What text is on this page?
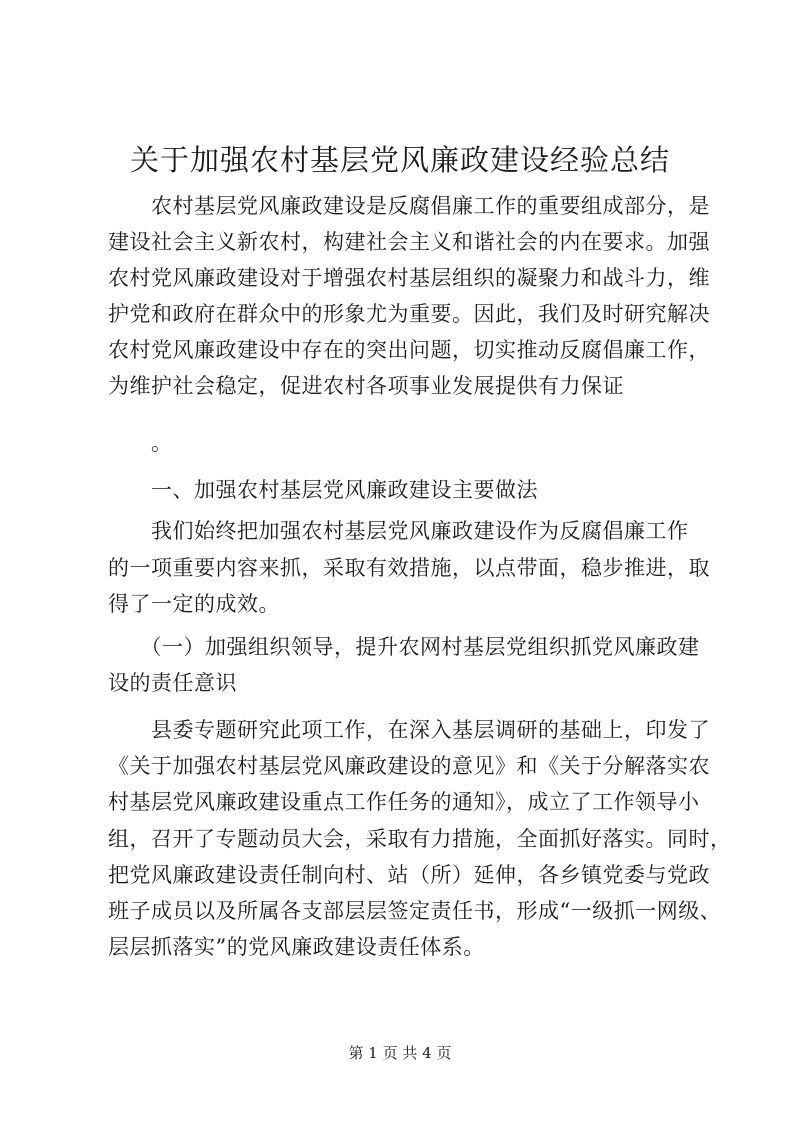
关于加强农村基层党风廉政建设经验总结
　　农村基层党风廉政建设是反腐倡廉工作的重要组成部分，是
建设社会主义新农村，构建社会主义和谐社会的内在要求。加强
农村党风廉政建设对于增强农村基层组织的凝聚力和战斗力，维
护党和政府在群众中的形象尤为重要。因此，我们及时研究解决
农村党风廉政建设中存在的突出问题，切实推动反腐倡廉工作，
为维护社会稳定，促进农村各项事业发展提供有力保证
　　。
　　一、加强农村基层党风廉政建设主要做法
　　我们始终把加强农村基层党风廉政建设作为反腐倡廉工作
的一项重要内容来抓，采取有效措施，以点带面，稳步推进，取
得了一定的成效。
　　（一）加强组织领导，提升农网村基层党组织抓党风廉政建
设的责任意识
　　县委专题研究此项工作，在深入基层调研的基础上，印发了
《关于加强农村基层党风廉政建设的意见》和《关于分解落实农
村基层党风廉政建设重点工作任务的通知》，成立了工作领导小
组，召开了专题动员大会，采取有力措施，全面抓好落实。同时，
把党风廉政建设责任制向村、站（所）延伸，各乡镇党委与党政
班子成员以及所属各支部层层签定责任书，形成“一级抓一网级、
层层抓落实”的党风廉政建设责任体系。
第 1 页 共 4 页
